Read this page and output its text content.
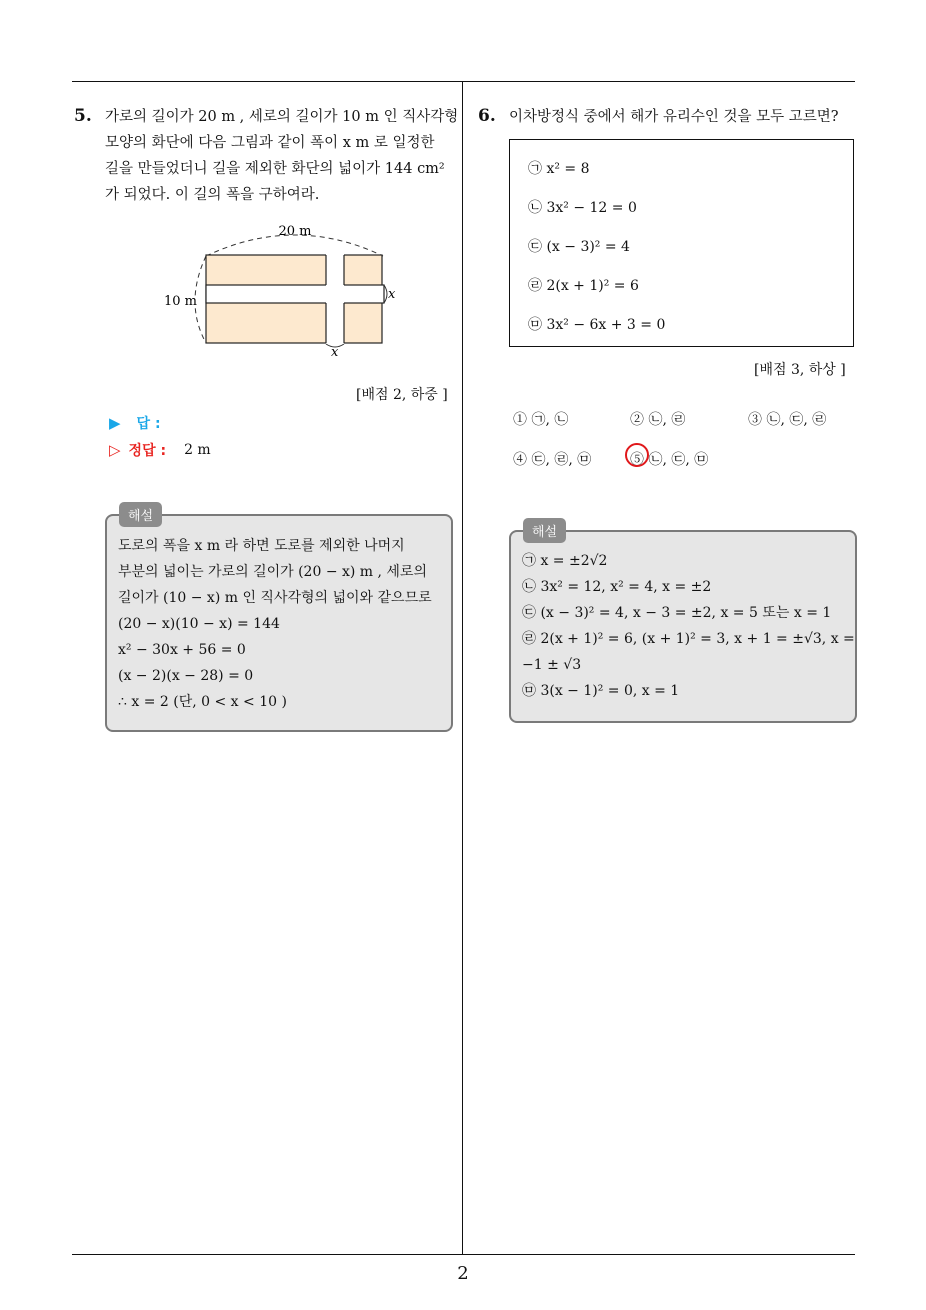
5. 가로의 길이가 20 m , 세로의 길이가 10 m 인 직사각형
모양의 화단에 다음 그림과 같이 폭이 x m 로 일정한
길을 만들었더니 길을 제외한 화단의 넓이가 144 cm²
가 되었다. 이 길의 폭을 구하여라.
20 m
10 m	x
x
[배점 2, 하중 ]
▶ 답 :
▷ 정답 : 2 m
도로의 폭을 x m 라 하면 도로를 제외한 나머지
부분의 넓이는 가로의 길이가 (20 − x) m , 세로의
길이가 (10 − x) m 인 직사각형의 넓이와 같으므로
(20 − x)(10 − x) = 144
x² − 30x + 56 = 0
(x − 2)(x − 28) = 0
∴ x = 2 (단, 0 < x < 10 )
해설
6. 이차방정식 중에서 해가 유리수인 것을 모두 고르면?
㉠ x² = 8
㉡ 3x² − 12 = 0
㉢ (x − 3)² = 4
㉣ 2(x + 1)² = 6
㉤ 3x² − 6x + 3 = 0
[배점 3, 하상 ]
① ㉠, ㉡	② ㉡, ㉣	③ ㉡, ㉢, ㉣
④ ㉢, ㉣, ㉤	⑤ ㉡, ㉢, ㉤
㉠ x = ±2√2
㉡ 3x² = 12, x² = 4, x = ±2
㉢ (x − 3)² = 4, x − 3 = ±2, x = 5 또는 x = 1
㉣ 2(x + 1)² = 6, (x + 1)² = 3, x + 1 = ±√3, x =
−1 ± √3
㉤ 3(x − 1)² = 0, x = 1
해설
2
